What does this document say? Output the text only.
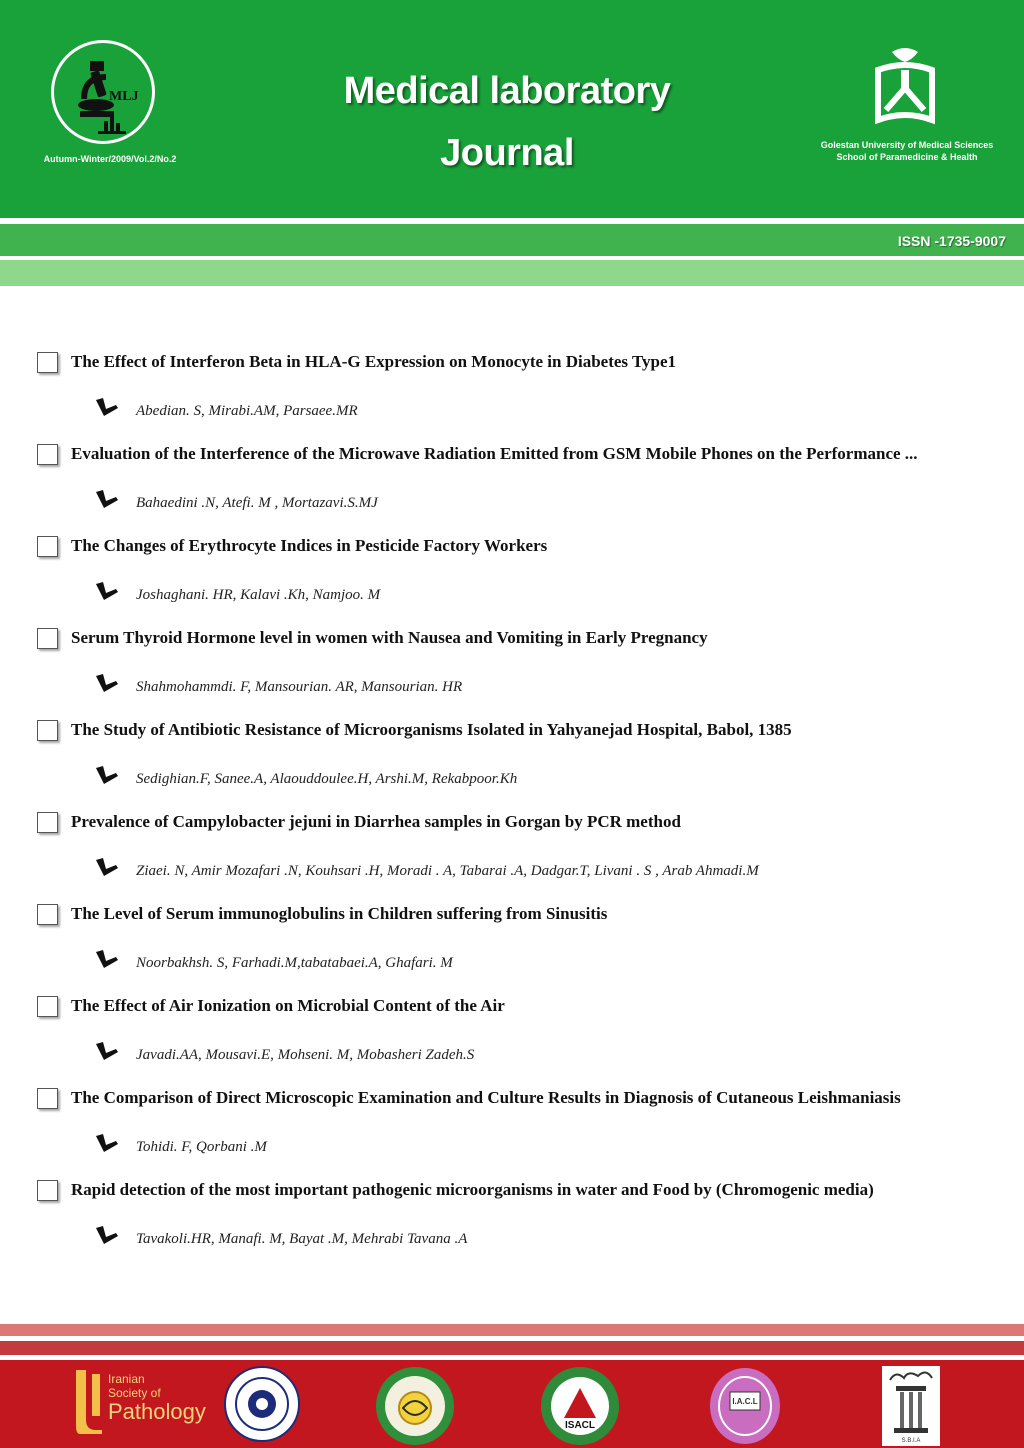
MLJ
Autumn-Winter/2009/Vol.2/No.2
Medical laboratory
Journal	Golestan University of Medical Sciences
School of Paramedicine & Health
ISSN -1735-9007
The Effect of Interferon Beta in HLA-G Expression on Monocyte in Diabetes Type1
Abedian. S, Mirabi.AM, Parsaee.MR
Evaluation of the Interference of the Microwave Radiation Emitted from GSM Mobile Phones on the Performance ...
Bahaedini .N, Atefi. M , Mortazavi.S.MJ
The Changes of Erythrocyte Indices in Pesticide Factory Workers
Joshaghani. HR, Kalavi .Kh, Namjoo. M
Serum Thyroid Hormone level in women with Nausea and Vomiting in Early Pregnancy
Shahmohammdi. F, Mansourian. AR, Mansourian. HR
The Study of Antibiotic Resistance of Microorganisms Isolated in Yahyanejad Hospital, Babol, 1385
Sedighian.F, Sanee.A, Alaouddoulee.H, Arshi.M, Rekabpoor.Kh
Prevalence of Campylobacter jejuni in Diarrhea samples in Gorgan by PCR method
Ziaei. N, Amir Mozafari .N, Kouhsari .H, Moradi . A, Tabarai .A, Dadgar.T, Livani . S , Arab Ahmadi.M
The Level of Serum immunoglobulins in Children suffering from Sinusitis
Noorbakhsh. S, Farhadi.M,tabatabaei.A, Ghafari. M
The Effect of Air Ionization on Microbial Content of the Air
Javadi.AA, Mousavi.E, Mohseni. M, Mobasheri Zadeh.S
The Comparison of Direct Microscopic Examination and Culture Results in Diagnosis of Cutaneous Leishmaniasis
Tohidi. F, Qorbani .M
Rapid detection of the most important pathogenic microorganisms in water and Food by (Chromogenic media)
Tavakoli.HR, Manafi. M, Bayat .M, Mehrabi Tavana .A
Iranian
Society of
Pathology
ISACL
I.A.C.L
S.B.I.A
